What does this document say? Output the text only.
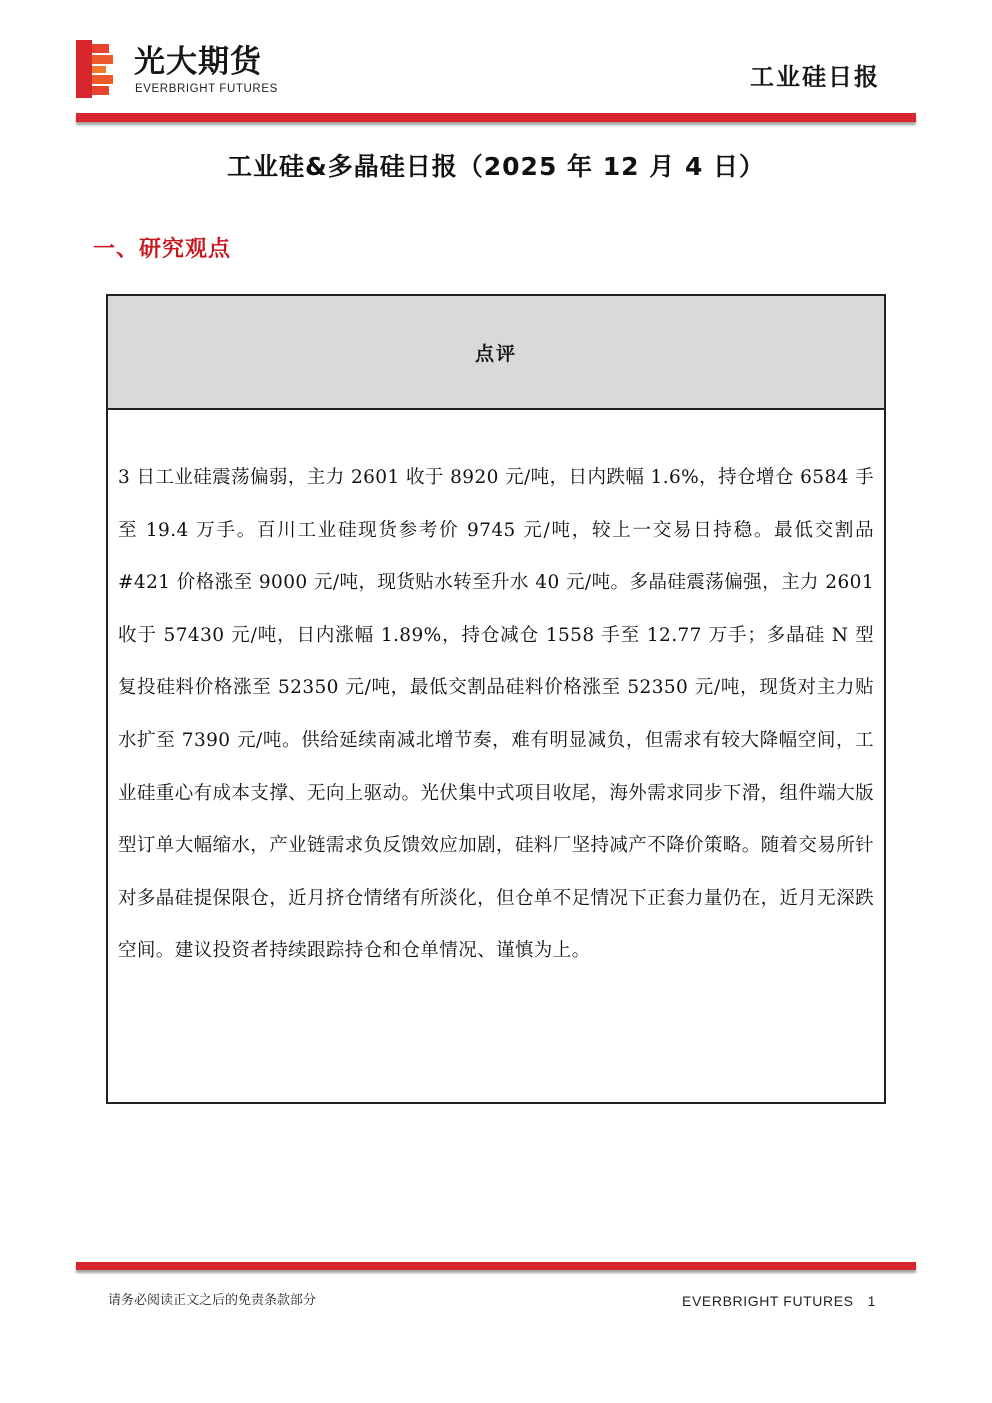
光大期货
EVERBRIGHT FUTURES	工业硅日报
工业硅&多晶硅日报（2025 年 12 月 4 日）
一、研究观点
点评
3 日工业硅震荡偏弱，主力 2601 收于 8920 元/吨，日内跌幅 1.6%，持仓增仓 6584 手至 19.4 万手。百川工业硅现货参考价 9745 元/吨，较上一交易日持稳。最低交割品#421 价格涨至 9000 元/吨，现货贴水转至升水 40 元/吨。多晶硅震荡偏强，主力 2601 收于 57430 元/吨，日内涨幅 1.89%，持仓减仓 1558 手至 12.77 万手；多晶硅 N 型复投硅料价格涨至 52350 元/吨，最低交割品硅料价格涨至 52350 元/吨，现货对主力贴水扩至 7390 元/吨。供给延续南减北增节奏，难有明显减负，但需求有较大降幅空间，工业硅重心有成本支撑、无向上驱动。光伏集中式项目收尾，海外需求同步下滑，组件端大版型订单大幅缩水，产业链需求负反馈效应加剧，硅料厂坚持减产不降价策略。随着交易所针对多晶硅提保限仓，近月挤仓情绪有所淡化，但仓单不足情况下正套力量仍在，近月无深跌空间。建议投资者持续跟踪持仓和仓单情况、谨慎为上。
请务必阅读正文之后的免责条款部分	EVERBRIGHT FUTURES 1
